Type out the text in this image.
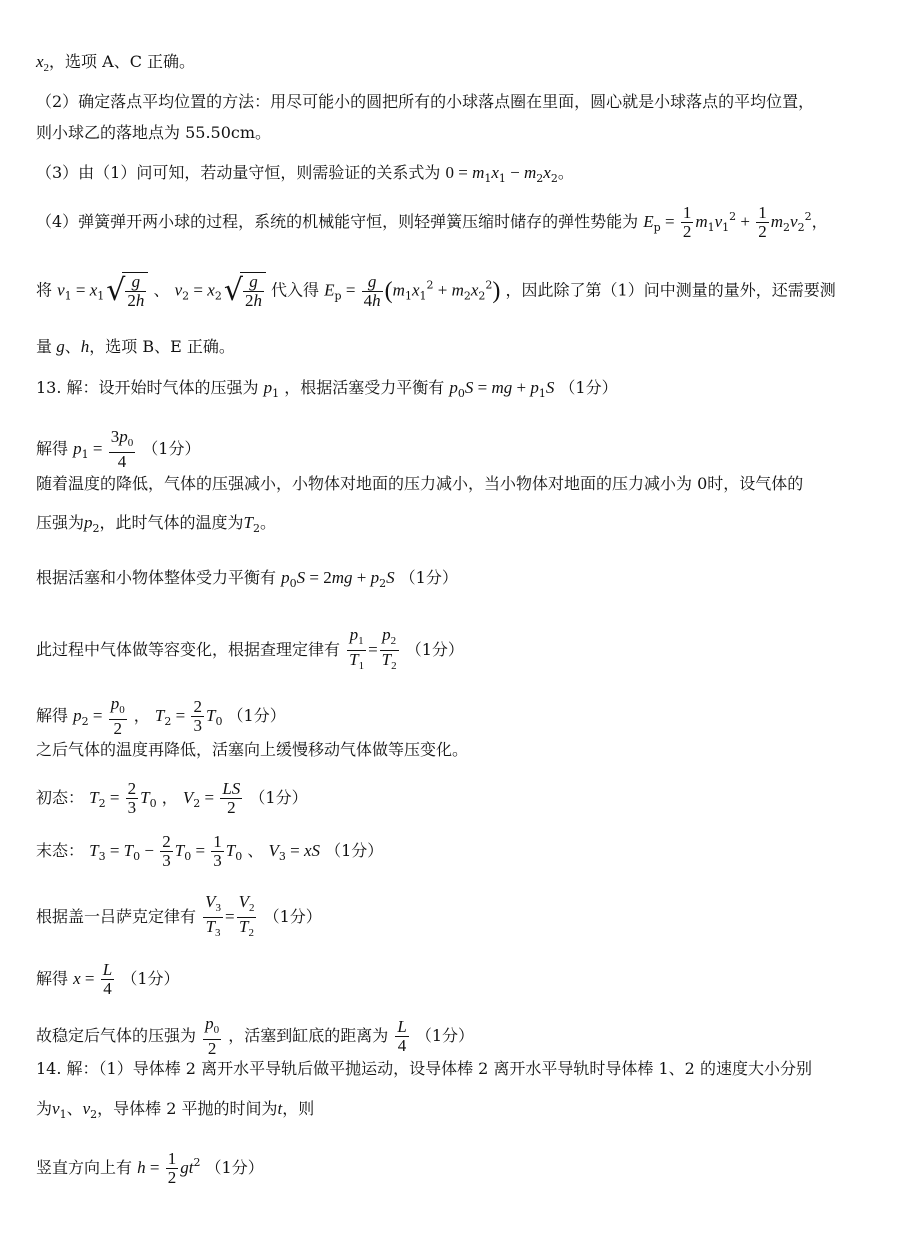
$x_2$，选项 A、C 正确。
（2）确定落点平均位置的方法：用尽可能小的圆把所有的小球落点圈在里面，圆心就是小球落点的平均位置，
则小球乙的落地点为 55.50cm。
（3）由（1）问可知，若动量守恒，则需验证的关系式为 $0 = m_1x_1 - m_2x_2$。
（4）弹簧弹开两小球的过程，系统的机械能守恒，则轻弹簧压缩时储存的弹性势能为 $E_p = \frac{1}{2} m_1v_1^2 + \frac{1}{2} m_2v_2^2$，
将 $v_1 = x_1√ \frac{g}{2h}$ 、 $v_2 = x_2√ \frac{g}{2h}$ 代入得 $E_p = \frac{g}{4h} (m_1x_1^2 + m_2x_2^2)$ ，因此除了第（1）问中测量的量外，还需要测
量 g、h，选项 B、E 正确。
13. 解：设开始时气体的压强为 $p_1$ ，根据活塞受力平衡有 $p_0S$ = mg + $p_1S$ （1分）
解得 $p_1 = \frac{3p_0}{4} (1$分）
随着温度的降低，气体的压强减小，小物体对地面的压力减小，当小物体对地面的压力减小为 0时，设气体的
压强为$p_2$，此时气体的温度为$T_2$。
根据活塞和小物体整体受力平衡有 $p_0S = 2mg + p_2S$ （1分）
此过程中气体做等容变化，根据查理定律有 $\frac{p_1}{T_1} = \frac{p_2}{T_2} (1$分）
解得 $p_2 = \frac{p_0}{2}$ ， $T_2 = \frac{2}{3} T_0$ （1分）
之后气体的温度再降低，活塞向上缓慢移动气体做等压变化。
初态： $T_2 = \frac{2}{3} T_0$ ， $V_2 = \frac{LS}{2} (1$分）
末态： $T_3 = T_0 - \frac{2}{3} T_0 = \frac{1}{3} T_0$ 、 $V_3$ = xS （1分）
根据盖一吕萨克定律有 $\frac{V_3}{T_3} = \frac{V_2}{T_2} (1$分）
解得 $x = \frac{L}{4} (1$分）
故稳定后气体的压强为 $\frac{p_0}{2}$ ，活塞到缸底的距离为 $\frac{L}{4} (1$分）
14. 解：（1）导体棒 2 离开水平导轨后做平抛运动，设导体棒 2 离开水平导轨时导体棒 1、2 的速度大小分别
为$v_1$、$v_2$，导体棒 2 平抛的时间为t，则
竖直方向上有 $h = \frac{1}{2} gt^2$ （1分）
